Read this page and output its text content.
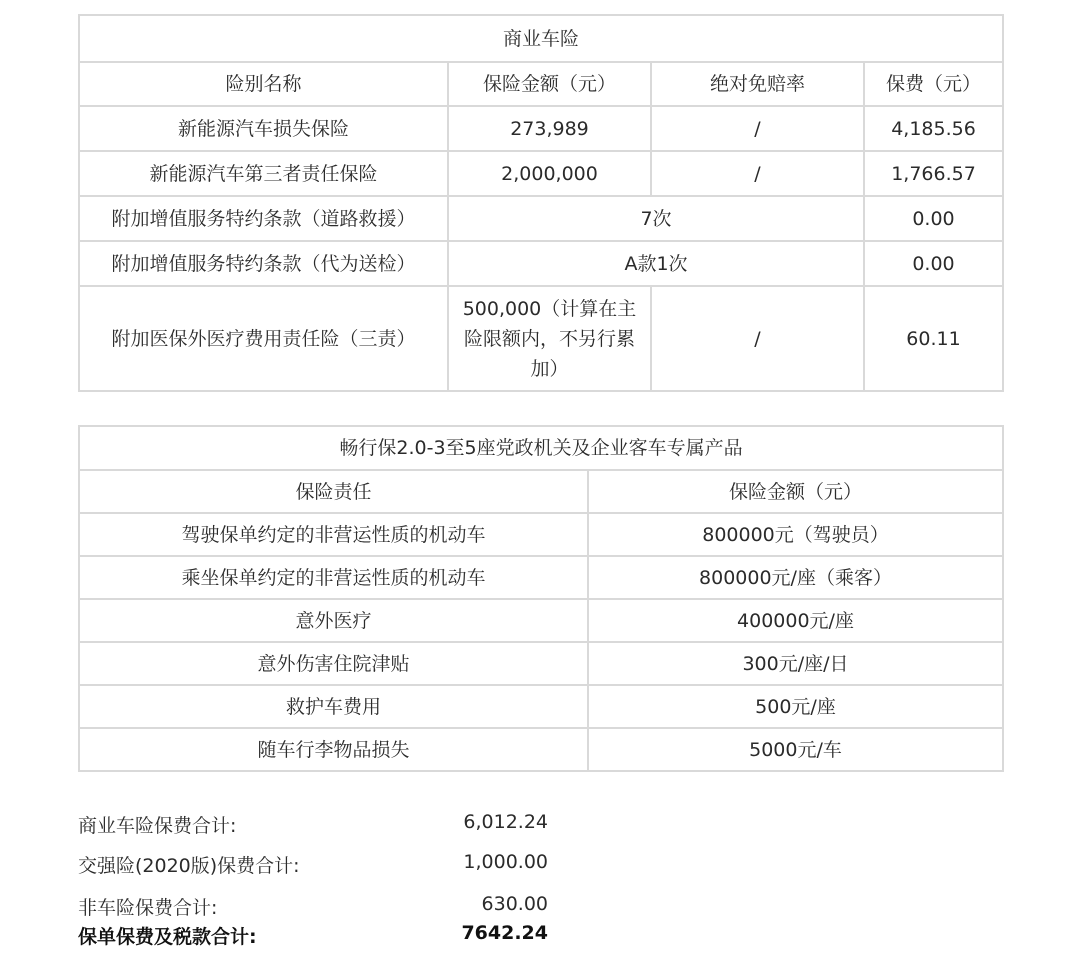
商业车险			
险别名称	保险金额（元）	绝对免赔率	保费（元）
新能源汽车损失保险	273,989	/	4,185.56
新能源汽车第三者责任保险	2,000,000	/	1,766.57
附加增值服务特约条款（道路救援）	7次		0.00
附加增值服务特约条款（代为送检）	A款1次		0.00
附加医保外医疗费用责任险（三责）	500,000（计算在主险限额内，不另行累加）	/	60.11
畅行保2.0-3至5座党政机关及企业客车专属产品	
保险责任	保险金额（元）
驾驶保单约定的非营运性质的机动车	800000元（驾驶员）
乘坐保单约定的非营运性质的机动车	800000元/座（乘客）
意外医疗	400000元/座
意外伤害住院津贴	300元/座/日
救护车费用	500元/座
随车行李物品损失	5000元/车
商业车险保费合计:	6,012.24
交强险(2020版)保费合计:	1,000.00
非车险保费合计:	630.00
保单保费及税款合计:	7642.24
